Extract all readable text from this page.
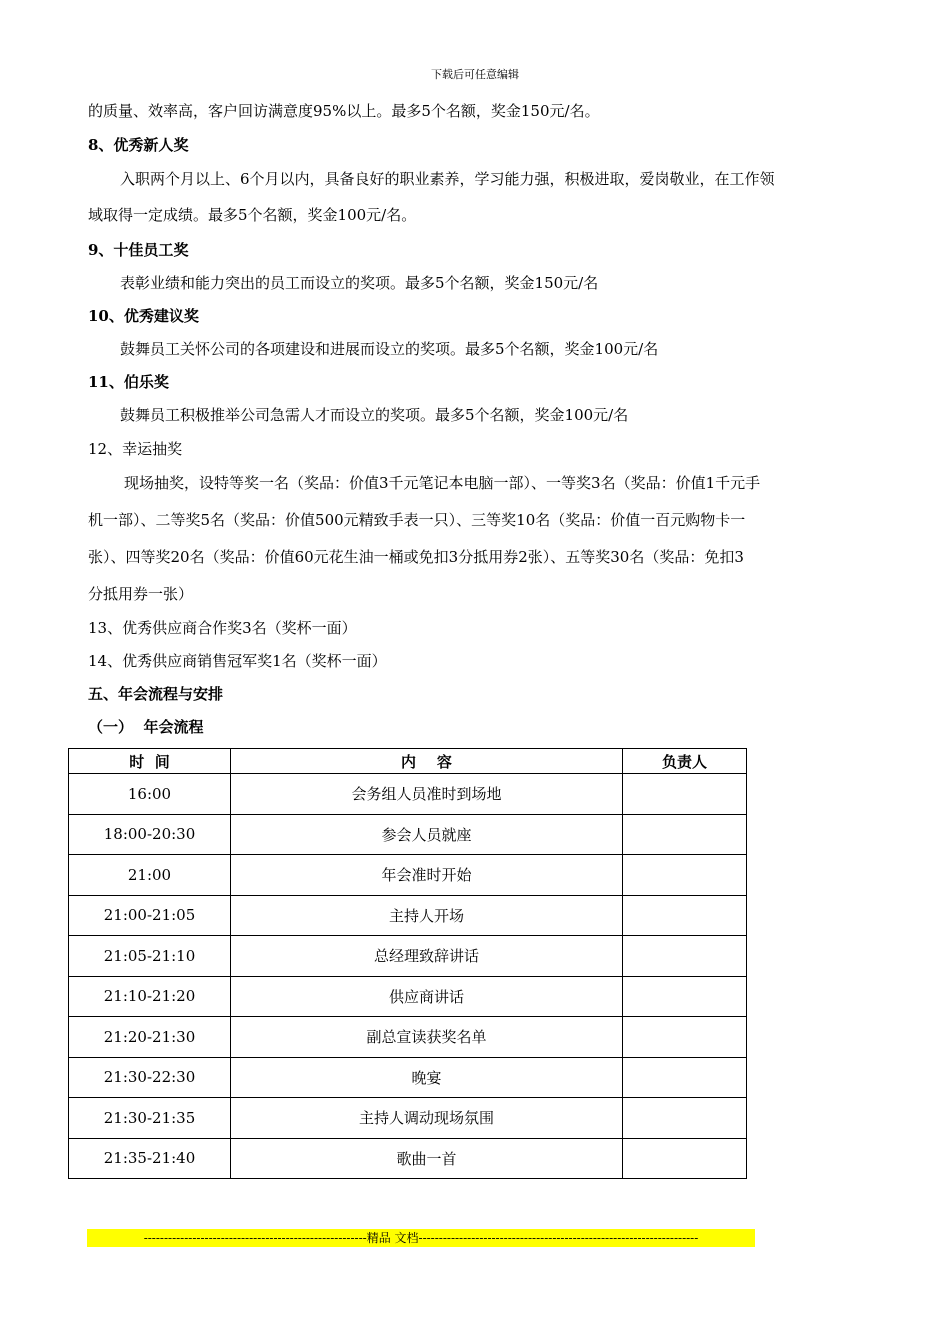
下载后可任意编辑
的质量、效率高，客户回访满意度95%以上。最多5个名额，奖金150元/名。
8、优秀新人奖
入职两个月以上、6个月以内，具备良好的职业素养，学习能力强，积极进取，爱岗敬业，在工作领
域取得一定成绩。最多5个名额，奖金100元/名。
9、十佳员工奖
表彰业绩和能力突出的员工而设立的奖项。最多5个名额，奖金150元/名
10、优秀建议奖
鼓舞员工关怀公司的各项建设和进展而设立的奖项。最多5个名额，奖金100元/名
11、伯乐奖
鼓舞员工积极推举公司急需人才而设立的奖项。最多5个名额，奖金100元/名
12、幸运抽奖
现场抽奖，设特等奖一名（奖品：价值3千元笔记本电脑一部）、一等奖3名（奖品：价值1千元手
机一部）、二等奖5名（奖品：价值500元精致手表一只）、三等奖10名（奖品：价值一百元购物卡一
张）、四等奖20名（奖品：价值60元花生油一桶或免扣3分抵用券2张）、五等奖30名（奖品：免扣3
分抵用券一张）
13、优秀供应商合作奖3名（奖杯一面）
14、优秀供应商销售冠军奖1名（奖杯一面）
五、年会流程与安排
（一）  年会流程
时  间	内    容	负责人
16:00	会务组人员准时到场地	
18:00-20:30	参会人员就座	
21:00	年会准时开始	
21:00-21:05	主持人开场	
21:05-21:10	总经理致辞讲话	
21:10-21:20	供应商讲话	
21:20-21:30	副总宣读获奖名单	
21:30-22:30	晚宴	
21:30-21:35	主持人调动现场氛围	
21:35-21:40	歌曲一首	
-------------------------------------------------------精品 文档---------------------------------------------------------------------
